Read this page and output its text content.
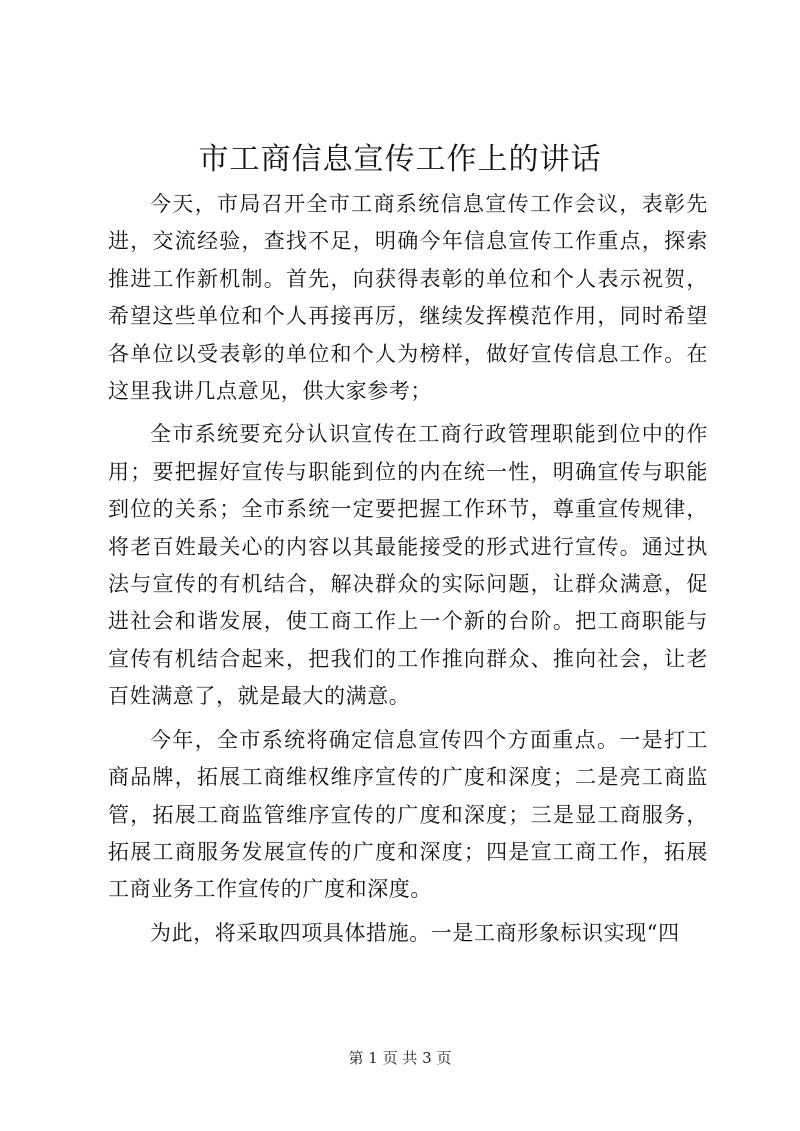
市工商信息宣传工作上的讲话

今天，市局召开全市工商系统信息宣传工作会议，表彰先进，交流经验，查找不足，明确今年信息宣传工作重点，探索推进工作新机制。首先，向获得表彰的单位和个人表示祝贺，希望这些单位和个人再接再厉，继续发挥模范作用，同时希望各单位以受表彰的单位和个人为榜样，做好宣传信息工作。在这里我讲几点意见，供大家参考；

全市系统要充分认识宣传在工商行政管理职能到位中的作用；要把握好宣传与职能到位的内在统一性，明确宣传与职能到位的关系；全市系统一定要把握工作环节，尊重宣传规律，将老百姓最关心的内容以其最能接受的形式进行宣传。通过执法与宣传的有机结合，解决群众的实际问题，让群众满意，促进社会和谐发展，使工商工作上一个新的台阶。把工商职能与宣传有机结合起来，把我们的工作推向群众、推向社会，让老百姓满意了，就是最大的满意。

今年，全市系统将确定信息宣传四个方面重点。一是打工商品牌，拓展工商维权维序宣传的广度和深度；二是亮工商监管，拓展工商监管维序宣传的广度和深度；三是显工商服务，拓展工商服务发展宣传的广度和深度；四是宣工商工作，拓展工商业务工作宣传的广度和深度。

为此，将采取四项具体措施。一是工商形象标识实现“四

第 1 页 共 3 页
